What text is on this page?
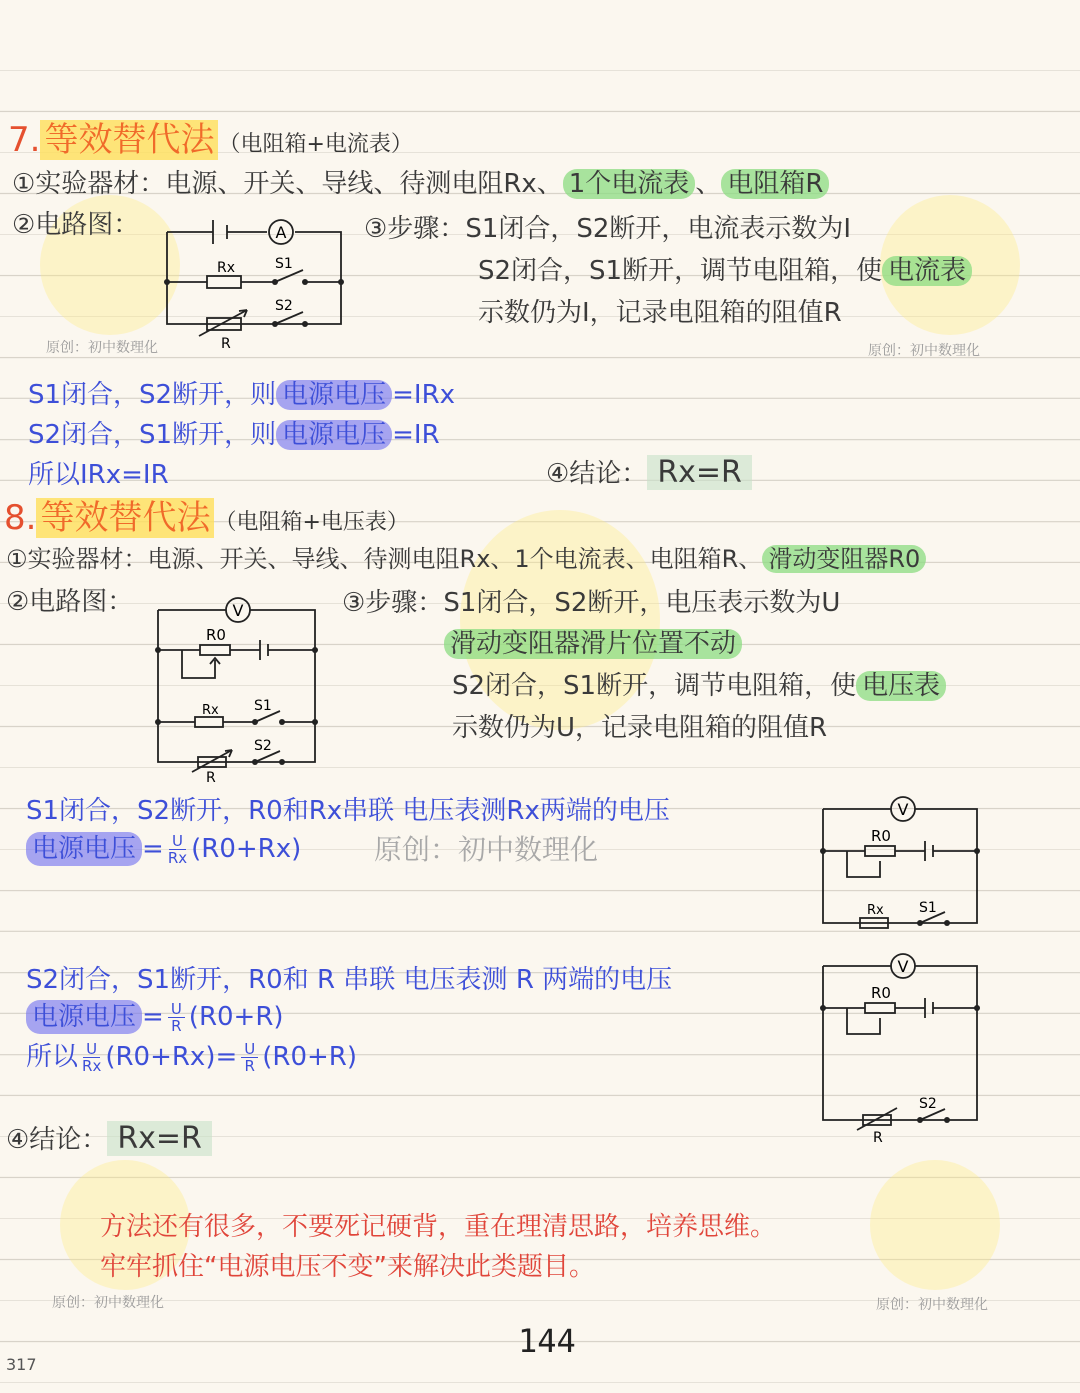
7. 等效替代法 （电阻箱+电流表）
①实验器材：电源、开关、导线、待测电阻Rx、 1个电流表 、 电阻箱R
②电路图：	A
Rx	S1
S2
R
③步骤：S1闭合，S2断开，电流表示数为I
S2闭合，S1断开，调节电阻箱，使 电流表
示数仍为I，记录电阻箱的阻值R
原创：初中数理化	原创：初中数理化
S1闭合，S2断开，则 电源电压 =IRx
S2闭合，S1断开，则 电源电压 =IR
所以IRx=IR	④结论： Rx=R
8. 等效替代法 （电阻箱+电压表）
①实验器材：电源、开关、导线、待测电阻Rx、1个电流表、电阻箱R、 滑动变阻器R0
②电路图：	V
R0
Rx	S1
S2
R
③步骤：S1闭合，S2断开，电压表示数为U
滑动变阻器滑片位置不动
S2闭合，S1断开，调节电阻箱，使 电压表
示数仍为U，记录电阻箱的阻值R
S1闭合，S2断开，R0和Rx串联 电压表测Rx两端的电压
电源电压 = $\frac{U}{Rx} (R0+Rx)$	原创：初中数理化
V
R0
Rx	S1
S2闭合，S1断开，R0和 R 串联 电压表测 R 两端的电压
电源电压 = $\frac{U}{R} (R0+R)$
所以 U
Rx $(R0+Rx)= \frac{U}{R} (R0+R)$
V
R0
S2
R
④结论： Rx=R
方法还有很多，不要死记硬背，重在理清思路，培养思维。
牢牢抓住“电源电压不变”来解决此类题目。
原创：初中数理化	原创：初中数理化
144
317
